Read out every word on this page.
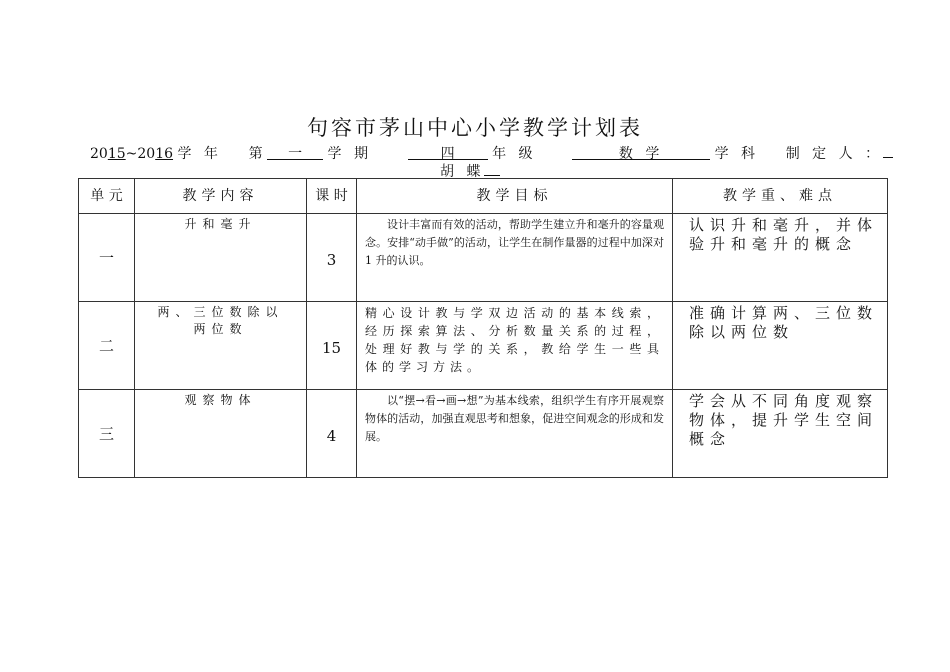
句容市茅山中心小学教学计划表
2015~2016 学 年 第 一 学 期	四	年 级	数 学	学 科 制 定 人 ：
胡 蝶
单 元	教学内容	课 时	教学目标	教学重、难点
一	升和毫升	3	设计丰富而有效的活动，帮助学生建立升和毫升的容量观念。安排“动手做”的活动，让学生在制作量器的过程中加深对 1 升的认识。	认识升和毫升，并体验升和毫升的概念
二	两、三位数除以两位数	15	精心设计教与学双边活动的基本线索，经历探索算法、分析数量关系的过程，处理好教与学的关系，教给学生一些具体的学习方法。	准确计算两、三位数除以两位数
三	观察物体	4	以“摆→看→画→想”为基本线索，组织学生有序开展观察物体的活动，加强直观思考和想象，促进空间观念的形成和发展。	学会从不同角度观察物体，提升学生空间概念
